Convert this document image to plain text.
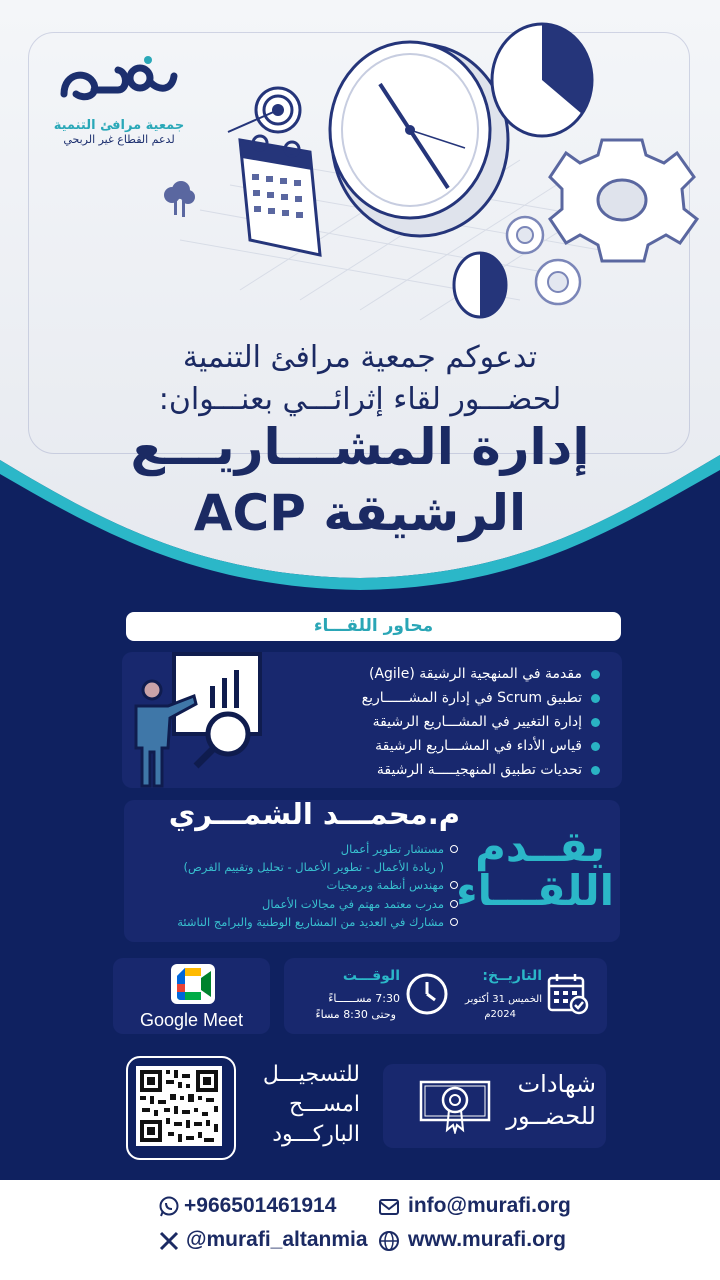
جمعية مرافئ التنمية
لدعم القطاع غير الربحي
تدعوكم جمعية مرافئ التنمية
لحضـــور لقاء إثرائـــي بعنـــوان:
إدارة المشـــاريـــع
الرشيقة ACP
محاور اللقـــاء
مقدمة في المنهجية الرشيقة (Agile)
تطبيق Scrum في إدارة المشــــــاريع
إدارة التغيير في المشـــاريع الرشيقة
قياس الأداء في المشـــاريع الرشيقة
تحديات تطبيق المنهجيـــــة الرشيقة
م.محمـــد الشمـــري
مستشار تطوير أعمال
( ريادة الأعمال - تطوير الأعمال - تحليل وتقييم الفرص)
مهندس أنظمة وبرمجيات
مدرب معتمد مهتم في مجالات الأعمال
مشارك في العديد من المشاريع الوطنية والبرامج الناشئة
يقــدم
اللقـــاء
Google Meet
التاريــخ:
الخميس 31 أكتوبر
2024م
الوقـــت
7:30 مســــــاءً
وحتى 8:30 مساءً
للتسجيـــل
امســـح
الباركـــود
شهادات
للحضــور
+966501461914	info@murafi.org
@murafi_altanmia www.murafi.org
